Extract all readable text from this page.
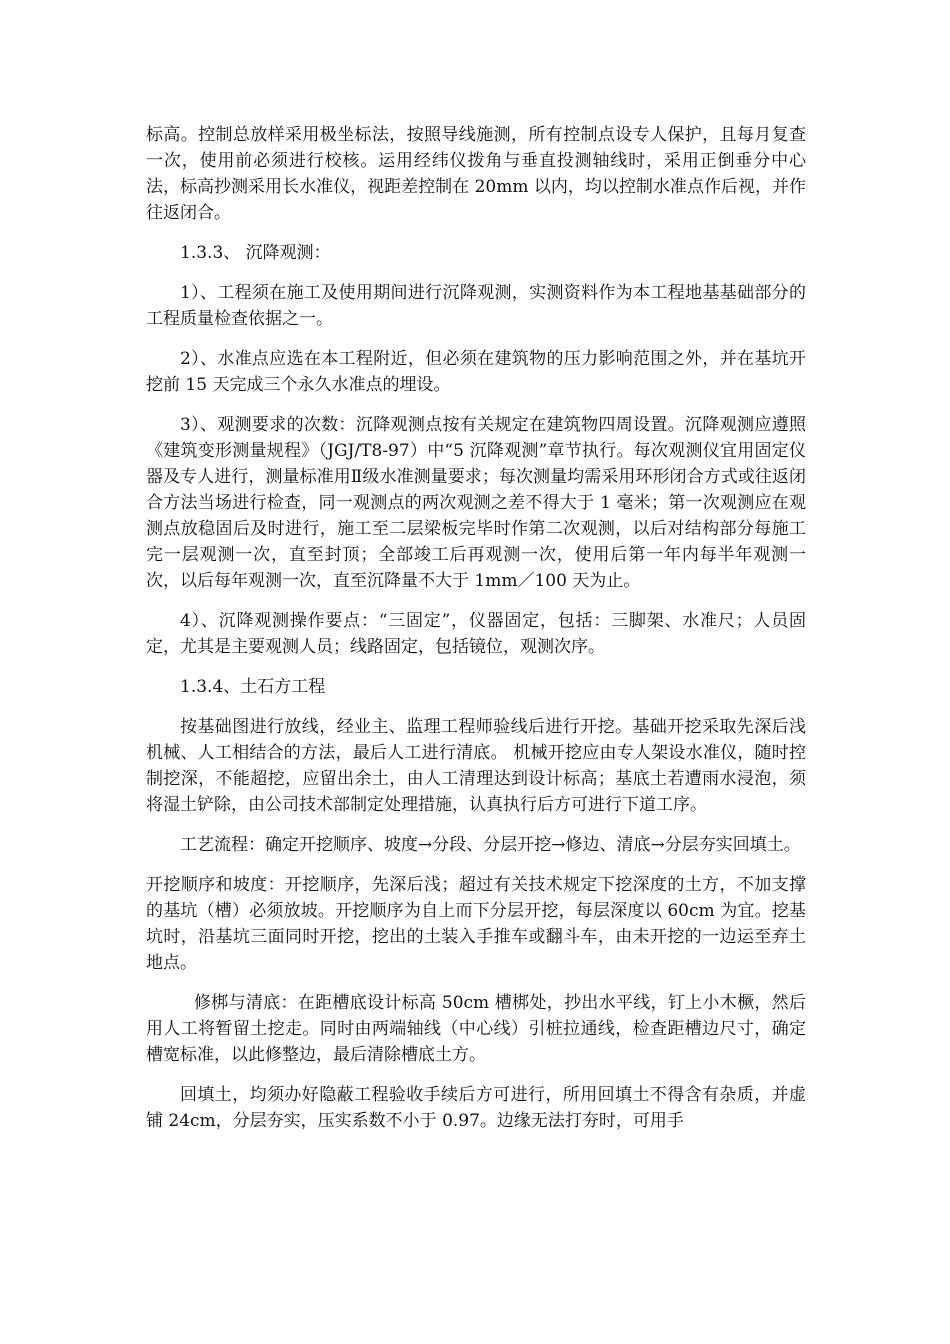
标高。控制总放样采用极坐标法，按照导线施测，所有控制点设专人保护，且每月复查一次，使用前必须进行校核。运用经纬仪拨角与垂直投测轴线时，采用正倒垂分中心法，标高抄测采用长水准仪，视距差控制在 20mm 以内，均以控制水准点作后视，并作往返闭合。

1.3.3、 沉降观测：

1）、工程须在施工及使用期间进行沉降观测，实测资料作为本工程地基基础部分的工程质量检查依据之一。

2）、水准点应选在本工程附近，但必须在建筑物的压力影响范围之外，并在基坑开挖前 15 天完成三个永久水准点的埋设。

3）、观测要求的次数：沉降观测点按有关规定在建筑物四周设置。沉降观测应遵照《建筑变形测量规程》（JGJ/T8-97）中“5 沉降观测”章节执行。每次观测仪宜用固定仪器及专人进行，测量标准用Ⅱ级水准测量要求；每次测量均需采用环形闭合方式或往返闭合方法当场进行检查，同一观测点的两次观测之差不得大于 1 毫米；第一次观测应在观测点放稳固后及时进行，施工至二层梁板完毕时作第二次观测，以后对结构部分每施工完一层观测一次，直至封顶；全部竣工后再观测一次，使用后第一年内每半年观测一次，以后每年观测一次，直至沉降量不大于 1mm／100 天为止。

4）、沉降观测操作要点：“三固定”，仪器固定，包括：三脚架、水准尺；人员固定，尤其是主要观测人员；线路固定，包括镜位，观测次序。

1.3.4、土石方工程

按基础图进行放线，经业主、监理工程师验线后进行开挖。基础开挖采取先深后浅机械、人工相结合的方法，最后人工进行清底。 机械开挖应由专人架设水准仪，随时控制挖深，不能超挖，应留出余土，由人工清理达到设计标高；基底土若遭雨水浸泡，须将湿土铲除，由公司技术部制定处理措施，认真执行后方可进行下道工序。

工艺流程：确定开挖顺序、坡度→分段、分层开挖→修边、清底→分层夯实回填土。

开挖顺序和坡度：开挖顺序，先深后浅；超过有关技术规定下挖深度的土方，不加支撑的基坑（槽）必须放坡。开挖顺序为自上而下分层开挖，每层深度以 60cm 为宜。挖基坑时，沿基坑三面同时开挖，挖出的土装入手推车或翻斗车，由未开挖的一边运至弃土地点。

修梆与清底：在距槽底设计标高 50cm 槽梆处，抄出水平线，钉上小木橛，然后用人工将暂留土挖走。同时由两端轴线（中心线）引桩拉通线，检查距槽边尺寸，确定槽宽标准，以此修整边，最后清除槽底土方。

回填土，均须办好隐蔽工程验收手续后方可进行，所用回填土不得含有杂质，并虚铺 24cm，分层夯实，压实系数不小于 0.97。边缘无法打夯时，可用手
